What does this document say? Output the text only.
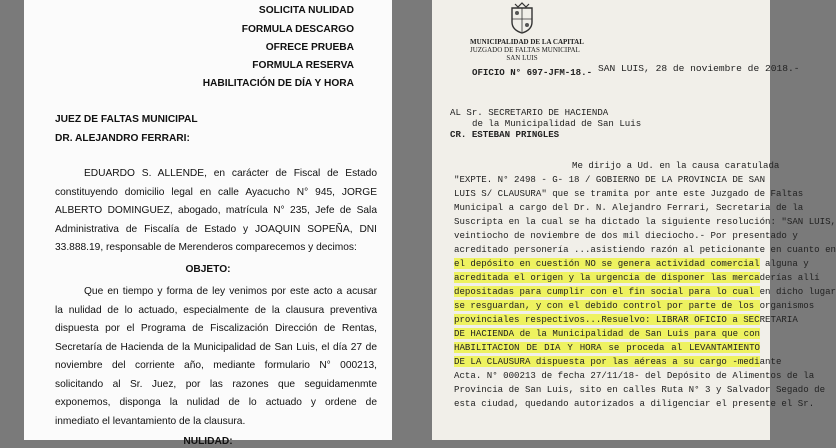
SOLICITA NULIDAD
FORMULA DESCARGO
OFRECE PRUEBA
FORMULA RESERVA
HABILITACIÓN DE DÍA Y HORA
JUEZ DE FALTAS MUNICIPAL
DR. ALEJANDRO FERRARI:
EDUARDO S. ALLENDE, en carácter de Fiscal de Estado
constituyendo domicilio legal en calle Ayacucho N° 945, JORGE
ALBERTO DOMINGUEZ, abogado, matrícula N° 235, Jefe de Sala
Administrativa de Fiscalía de Estado y JOAQUIN SOPEÑA, DNI
33.888.19, responsable de Merenderos comparecemos y decimos:
OBJETO:
Que en tiempo y forma de ley venimos por este acto a acusar
la nulidad de lo actuado, especialmente de la clausura preventiva
dispuesta por el Programa de Fiscalización Dirección de Rentas,
Secretaría de Hacienda de la Municipalidad de San Luis, el día 27 de
noviembre del corriente año, mediante formulario N° 000213,
solicitando al Sr. Juez, por las razones que seguidamenmte
exponemos, disponga la nulidad de lo actuado y ordene de
inmediato el levantamiento de la clausura.
NULIDAD:
MUNICIPALIDAD DE LA CAPITAL
JUZGADO DE FALTAS MUNICIPAL
SAN LUIS
OFICIO N° 697-JFM-18.- SAN LUIS, 28 de noviembre de 2018.-
AL Sr. SECRETARIO DE HACIENDA
de la Municipalidad de San Luis
CR. ESTEBAN PRINGLES
Me dirijo a Ud. en la causa caratulada
"EXPTE. N° 2498 - G- 18 / GOBIERNO DE LA PROVINCIA DE SAN
LUIS S/ CLAUSURA" que se tramita por ante este Juzgado de Faltas
Municipal a cargo del Dr. N. Alejandro Ferrari, Secretaria de la
Suscripta en la cual se ha dictado la siguiente resolución: "SAN LUIS,
veintiocho de noviembre de dos mil dieciocho.- Por presentado y
acreditado personería ...asistiendo razón al peticionante en cuanto en
el depósito en cuestión NO se genera actividad comercial alguna y
acreditada el origen y la urgencia de disponer las mercaderías allí
depositadas para cumplir con el fin social para lo cual en dicho lugar
se resguardan, y con el debido control por parte de los organismos
provinciales respectivos...Resuelvo: LIBRAR OFICIO a SECRETARIA
DE HACIENDA de la Municipalidad de San Luis para que con
HABILITACION DE DIA Y HORA se proceda al LEVANTAMIENTO
DE LA CLAUSURA dispuesta por las aéreas a su cargo -mediante
Acta. N° 000213 de fecha 27/11/18- del Depósito de Alimentos de la
Provincia de San Luis, sito en calles Ruta N° 3 y Salvador Segado de
esta ciudad, quedando autorizados a diligenciar el presente el Sr.
